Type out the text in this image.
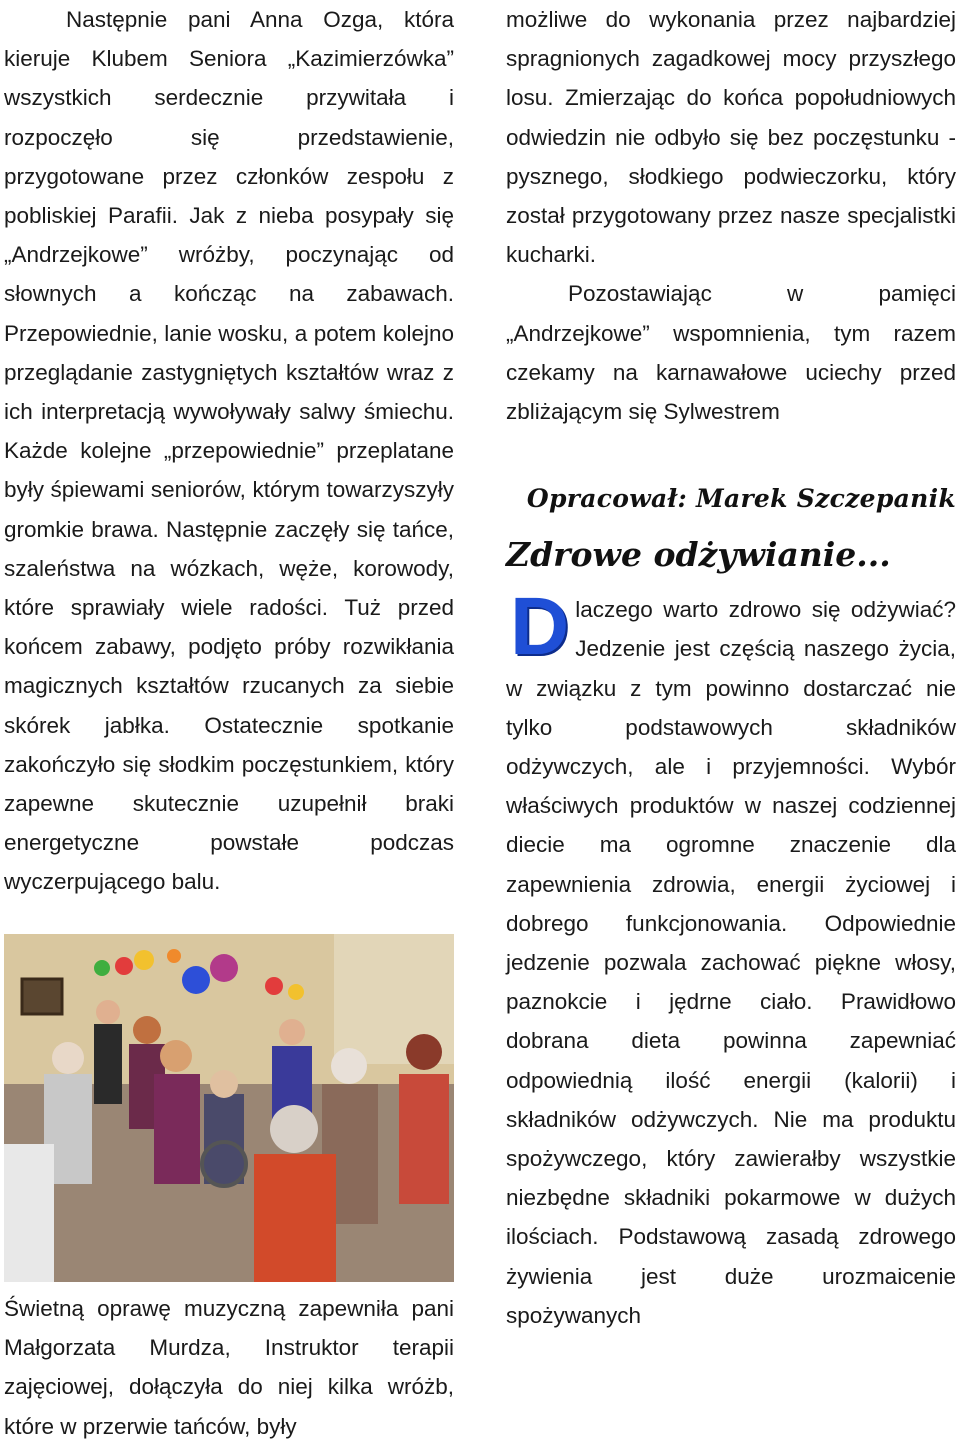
Następnie pani Anna Ozga, która kieruje Klubem Seniora „Kazimierzówka” wszystkich serdecznie przywitała i rozpoczęło się przedstawienie, przygotowane przez członków zespołu z pobliskiej Parafii. Jak z nieba posypały się „Andrzejkowe” wróżby, poczynając od słownych a kończąc na zabawach. Przepowiednie, lanie wosku, a potem kolejno przeglądanie zastygniętych kształtów wraz z ich interpretacją wywoływały salwy śmiechu. Każde kolejne „przepowiednie” przeplatane były śpiewami seniorów, którym towarzyszyły gromkie brawa. Następnie zaczęły się tańce, szaleństwa na wózkach, węże, korowody, które sprawiały wiele radości. Tuż przed końcem zabawy, podjęto próby rozwikłania magicznych kształtów rzucanych za siebie skórek jabłka. Ostatecznie spotkanie zakończyło się słodkim poczęstunkiem, który zapewne skutecznie uzupełnił braki energetyczne powstałe podczas wyczerpującego balu.

Świetną oprawę muzyczną zapewniła pani Małgorzata Murdza, Instruktor terapii zajęciowej, dołączyła do niej kilka wróżb, które w przerwie tańców, były

możliwe do wykonania przez najbardziej spragnionych zagadkowej mocy przyszłego losu. Zmierzając do końca popołudniowych odwiedzin nie odbyło się bez poczęstunku - pysznego, słodkiego podwieczorku, który został przygotowany przez nasze specjalistki kucharki.

Pozostawiając w pamięci „Andrzejkowe” wspomnienia, tym razem czekamy na karnawałowe uciechy przed zbliżającym się Sylwestrem

Opracował: Marek Szczepanik
Zdrowe odżywianie...
D laczego warto zdrowo się odżywiać?Jedzenie jest częścią naszego życia, w związku z tym powinno dostarczać nie tylko podstawowych składników odżywczych, ale i przyjemności. Wybór właściwych produktów w naszej codziennej diecie ma ogromne znaczenie dla zapewnienia zdrowia, energii życiowej i dobrego funkcjonowania. Odpowiednie jedzenie pozwala zachować piękne włosy, paznokcie i jędrne ciało. Prawidłowo dobrana dieta powinna zapewniać odpowiednią ilość energii (kalorii) i składników odżywczych. Nie ma produktu spożywczego, który zawierałby wszystkie niezbędne składniki pokarmowe w dużych ilościach. Podstawową zasadą zdrowego żywienia jest duże urozmaicenie spożywanych
